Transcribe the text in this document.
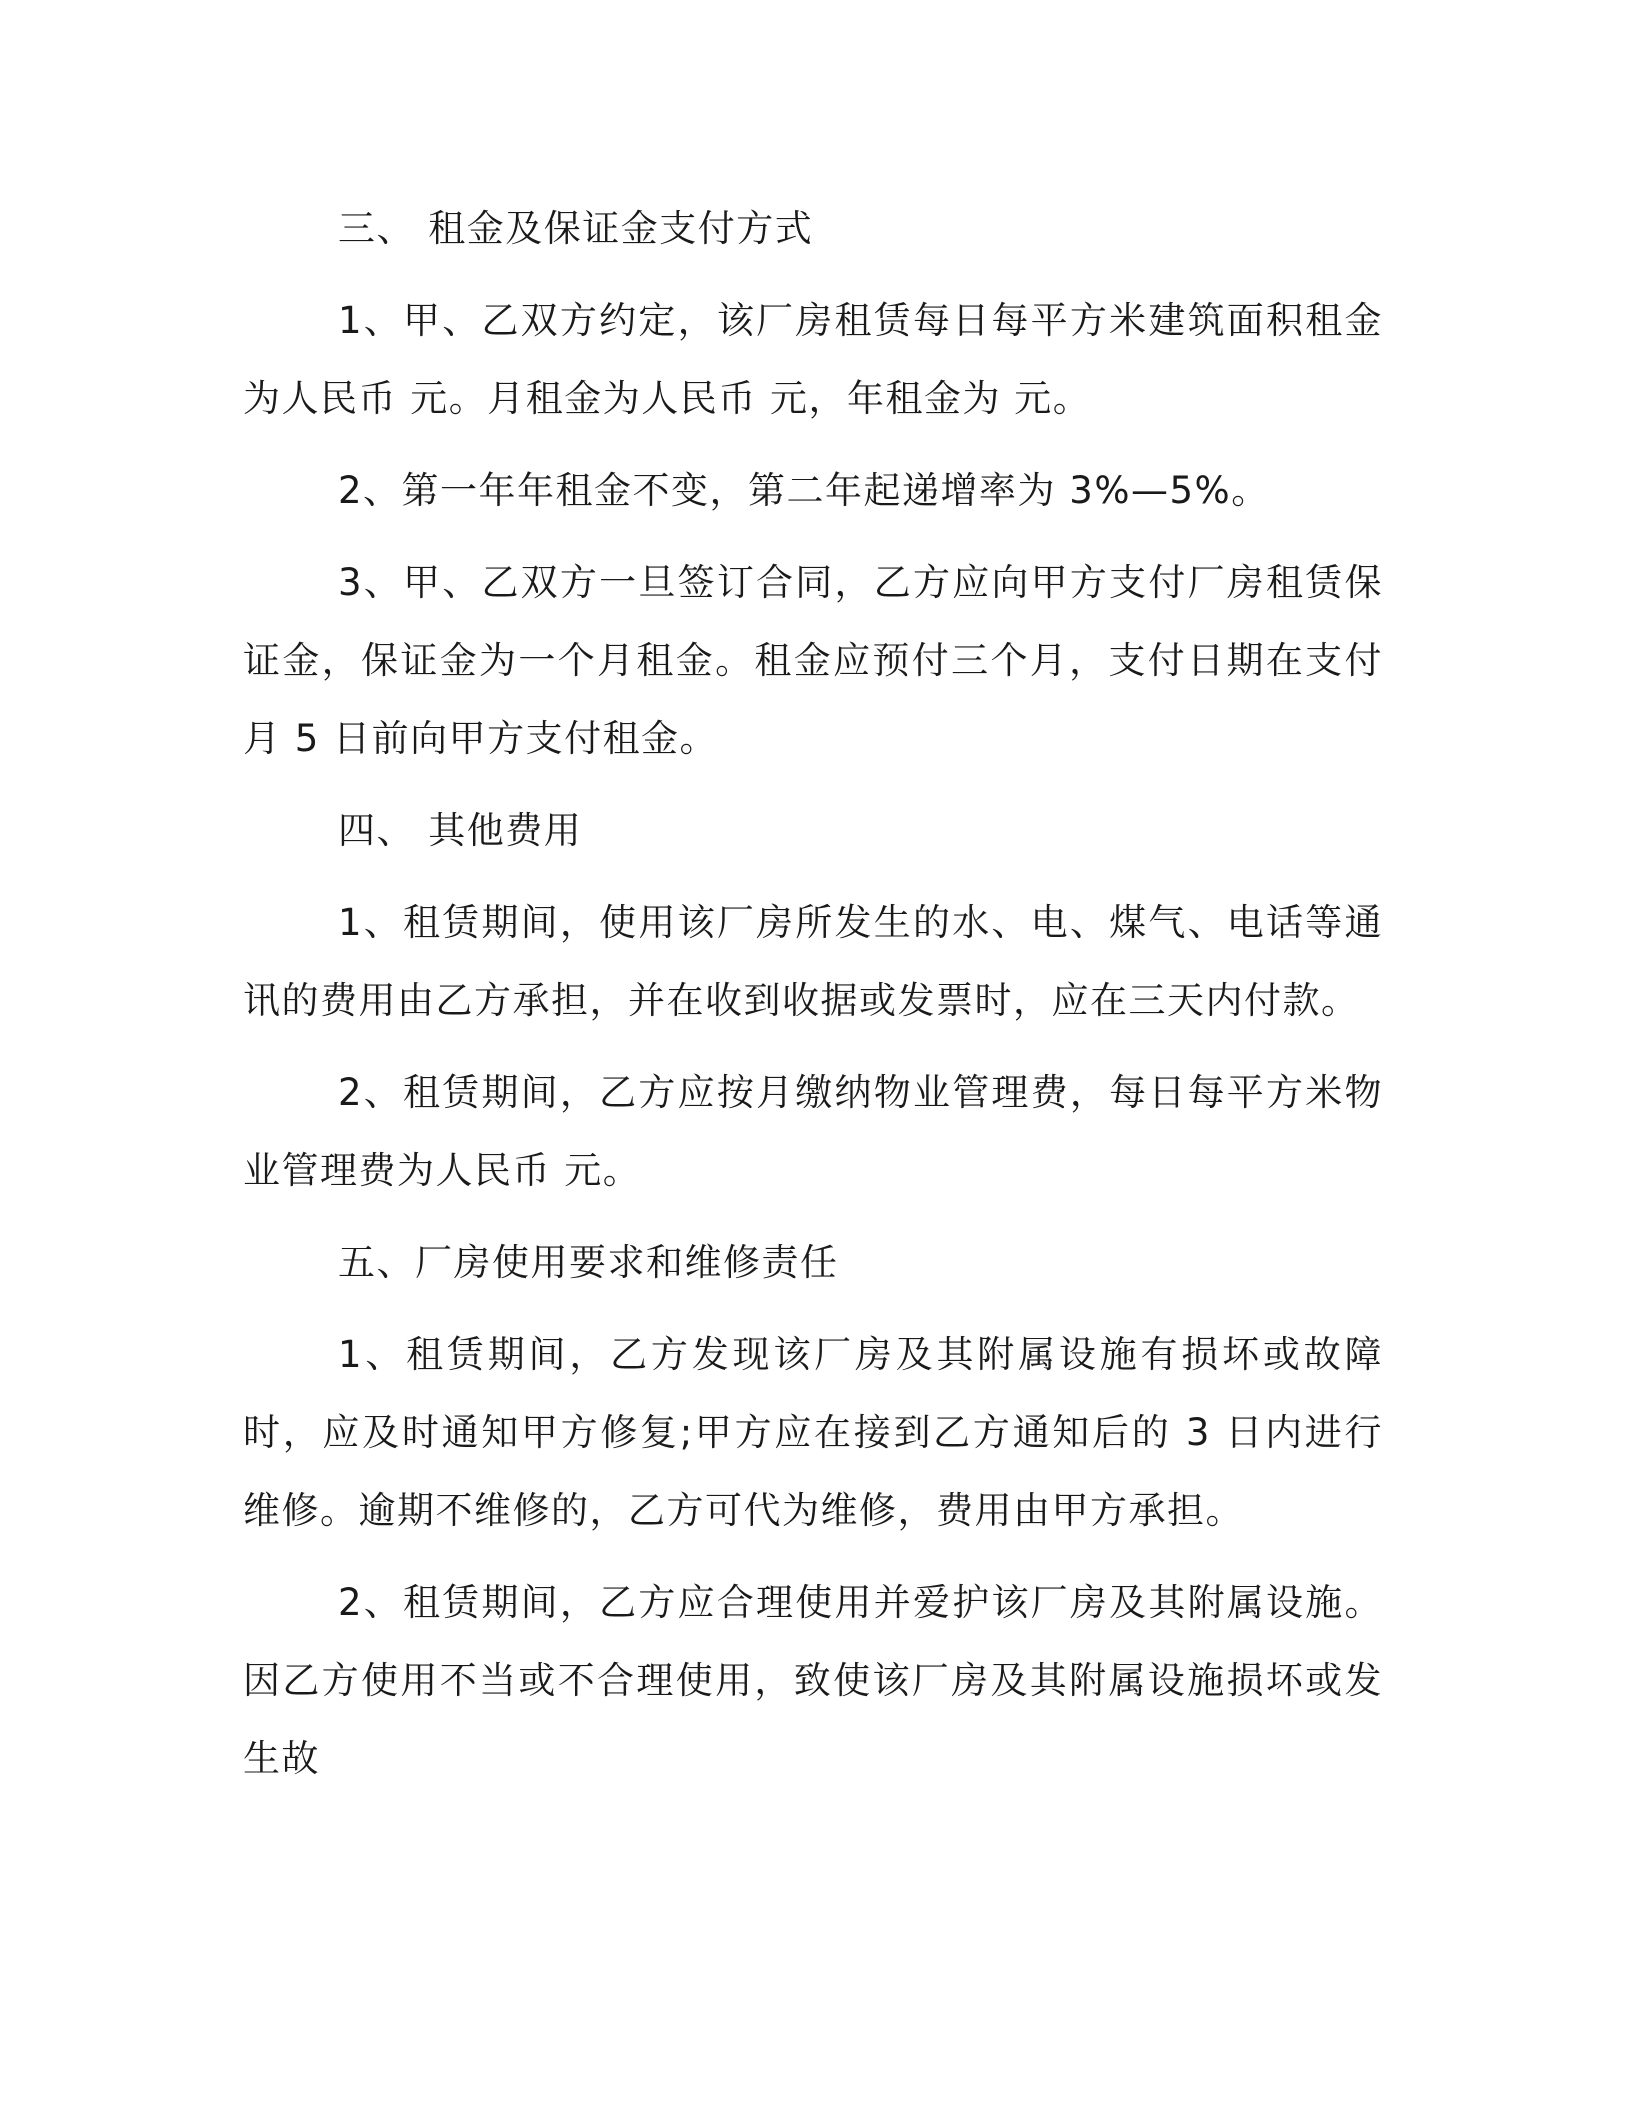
三、 租金及保证金支付方式

1、甲、乙双方约定，该厂房租赁每日每平方米建筑面积租金为人民币 元。月租金为人民币 元，年租金为 元。

2、第一年年租金不变，第二年起递增率为 3%—5%。

3、甲、乙双方一旦签订合同，乙方应向甲方支付厂房租赁保证金，保证金为一个月租金。租金应预付三个月，支付日期在支付月 5 日前向甲方支付租金。

四、 其他费用

1、租赁期间，使用该厂房所发生的水、电、煤气、电话等通讯的费用由乙方承担，并在收到收据或发票时，应在三天内付款。

2、租赁期间，乙方应按月缴纳物业管理费，每日每平方米物业管理费为人民币 元。

五、厂房使用要求和维修责任

1、租赁期间，乙方发现该厂房及其附属设施有损坏或故障时，应及时通知甲方修复;甲方应在接到乙方通知后的 3 日内进行维修。逾期不维修的，乙方可代为维修，费用由甲方承担。

2、租赁期间，乙方应合理使用并爱护该厂房及其附属设施。因乙方使用不当或不合理使用，致使该厂房及其附属设施损坏或发生故
